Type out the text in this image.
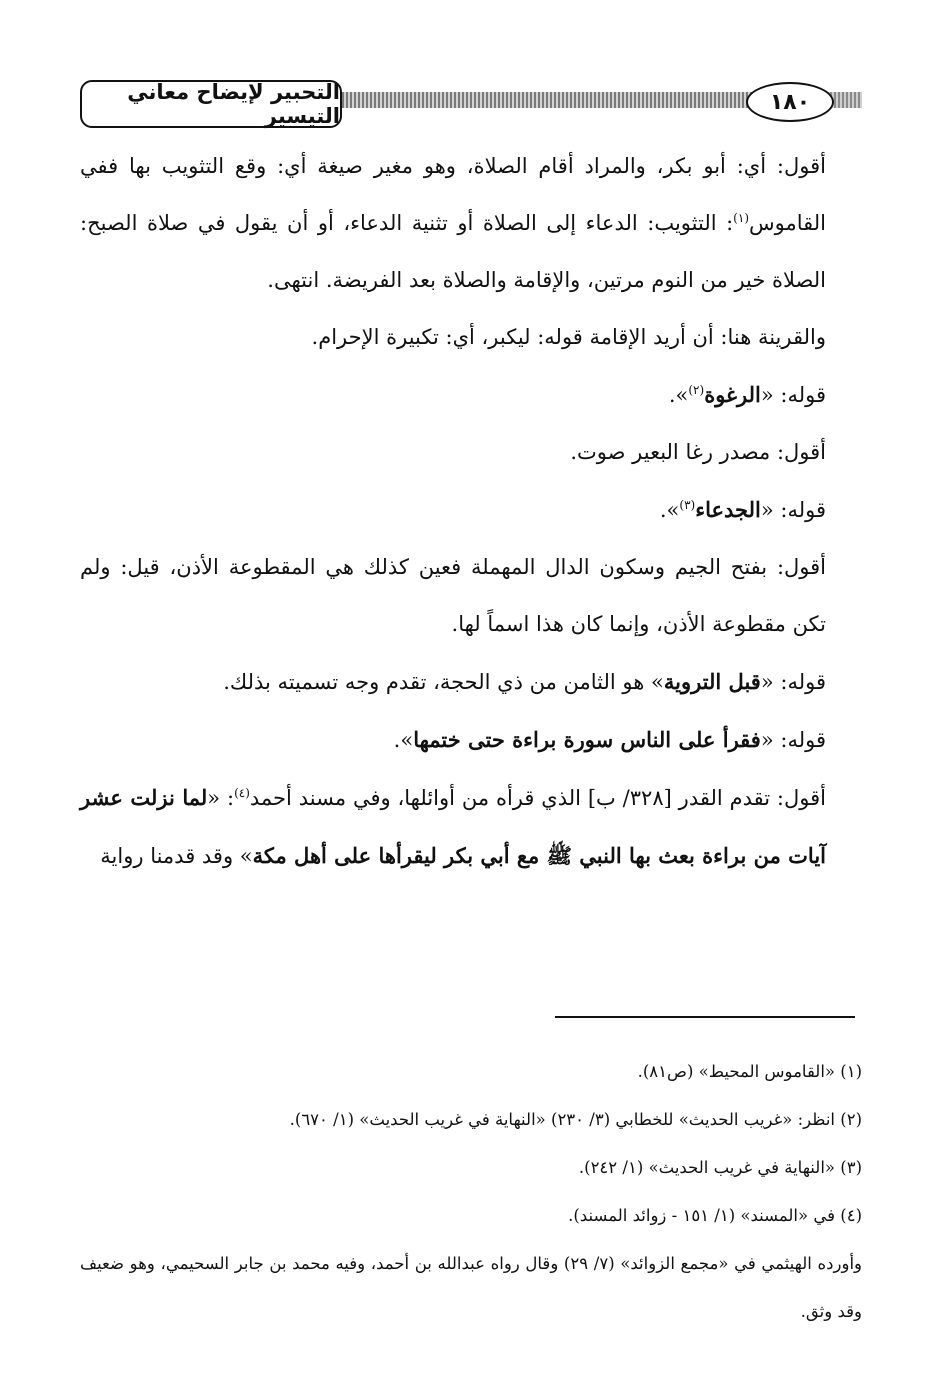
التحبير لإيضاح معاني التيسير
١٨٠

أقول: أي: أبو بكر، والمراد أقام الصلاة، وهو مغير صيغة أي: وقع التثويب بها ففي القاموس$^{(١)}$: التثويب: الدعاء إلى الصلاة أو تثنية الدعاء، أو أن يقول في صلاة الصبح: الصلاة خير من النوم مرتين، والإقامة والصلاة بعد الفريضة. انتهى.

والقرينة هنا: أن أريد الإقامة قوله: ليكبر، أي: تكبيرة الإحرام.

قوله: «الرغوة$^{(٢)}$».

أقول: مصدر رغا البعير صوت.

قوله: «الجدعاء$^{(٣)}$».

أقول: بفتح الجيم وسكون الدال المهملة فعين كذلك هي المقطوعة الأذن، قيل: ولم تكن مقطوعة الأذن، وإنما كان هذا اسماً لها.

قوله: «قبل التروية» هو الثامن من ذي الحجة، تقدم وجه تسميته بذلك.

قوله: «فقرأ على الناس سورة براءة حتى ختمها».

أقول: تقدم القدر [٣٢٨/ ب] الذي قرأه من أوائلها، وفي مسند أحمد$^{(٤)}$: «لما نزلت عشر آيات من براءة بعث بها النبي ﷺ مع أبي بكر ليقرأها على أهل مكة» وقد قدمنا رواية

(١) «القاموس المحيط» (ص٨١).

(٢) انظر: «غريب الحديث» للخطابي (٣/ ٢٣٠) «النهاية في غريب الحديث» (١/ ٦٧٠).

(٣) «النهاية في غريب الحديث» (١/ ٢٤٢).

(٤) في «المسند» (١/ ١٥١ - زوائد المسند).

وأورده الهيثمي في «مجمع الزوائد» (٧/ ٢٩) وقال رواه عبدالله بن أحمد، وفيه محمد بن جابر السحيمي، وهو ضعيف وقد وثق.
